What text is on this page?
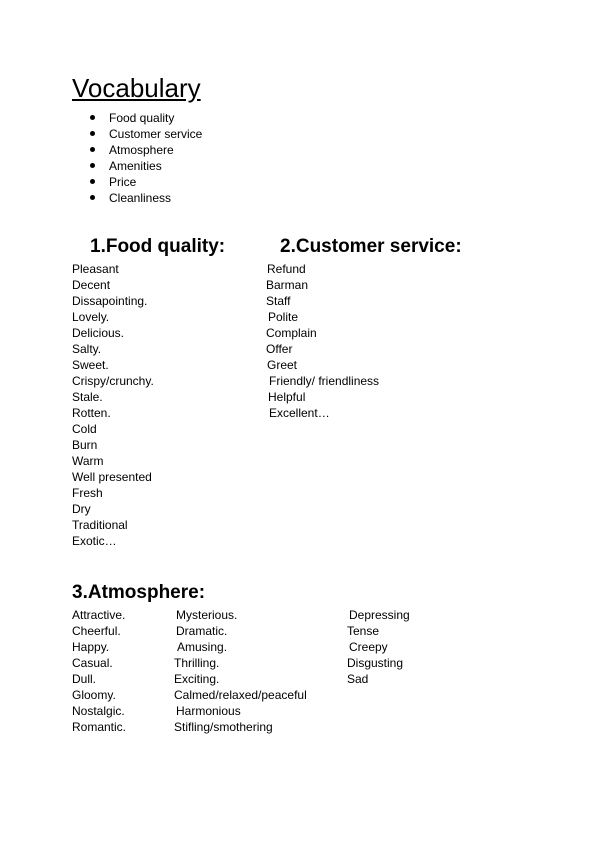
Vocabulary
Food quality
Customer service
Atmosphere
Amenities
Price
Cleanliness
1.Food quality:	2.Customer service:
Pleasant
Decent
Dissapointing.
Lovely.
Delicious.
Salty.
Sweet.
Crispy/crunchy.
Stale.
Rotten.
Cold
Burn
Warm
Well presented
Fresh
Dry
Traditional
Exotic…
Refund
Barman
Staff
Polite
Complain
Offer
Greet
Friendly/ friendliness
Helpful
Excellent…
3.Atmosphere:
Attractive.
Cheerful.
Happy.
Casual.
Dull.
Gloomy.
Nostalgic.
Romantic.
Mysterious.
Dramatic.
Amusing.
Thrilling.
Exciting.
Calmed/relaxed/peaceful
Harmonious
Stifling/smothering
Depressing
Tense
Creepy
Disgusting
Sad
